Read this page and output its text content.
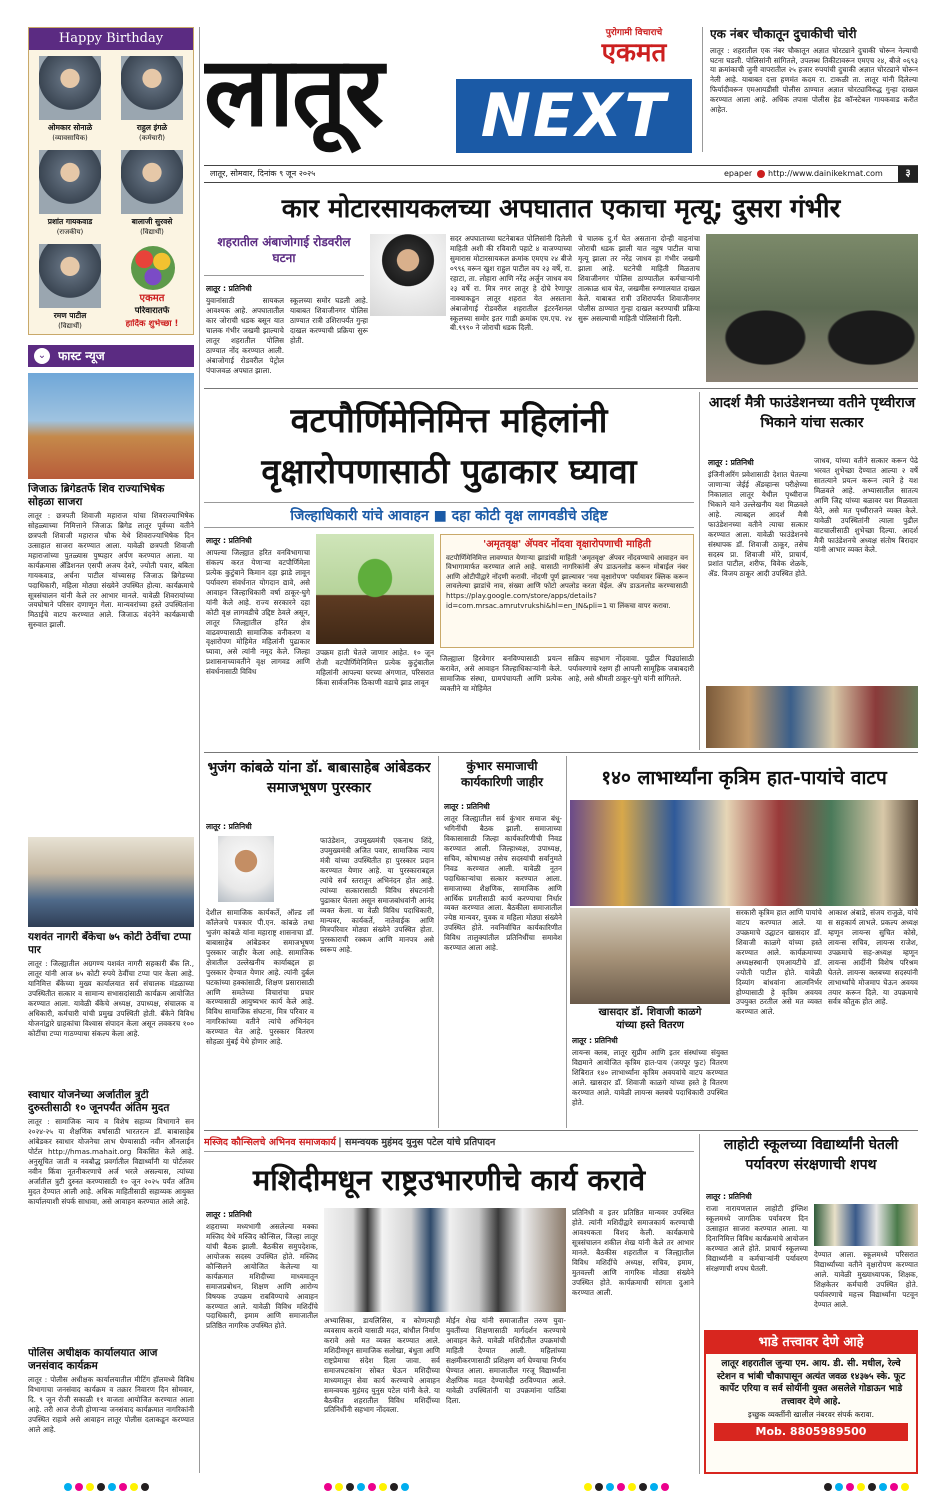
Happy Birthday
ओमकार सोनाळे
(व्यावसायिक)
राहुल इंगळे
(कर्मचारी)
प्रशांत गायकवाड
(राजकीय)
बालाजी सुरवसे
(विद्यार्थी)
रमण पाटील
(विद्यार्थी)
एकमत
परिवारातर्फे
हार्दिक शुभेच्छा !
⌄ फास्ट न्यूज
जिजाऊ ब्रिगेडतर्फे शिव राज्याभिषेक सोहळा साजरा
लातूर : छत्रपती शिवाजी महाराज यांचा शिवराज्याभिषेक सोहळ्याच्या निमित्ताने जिजाऊ ब्रिगेड लातूर पूर्वच्या वतीने छत्रपती शिवाजी महाराज चौक येथे शिवराज्याभिषेक दिन उत्साहात साजरा करण्यात आला. यावेळी छत्रपती शिवाजी महाराजांच्या पुतळ्यास पुष्पहार अर्पण करण्यात आला. या कार्यक्रमास ॲडिशनल एसपी अजय देवरे, ज्योती पवार, बबिता गायकवाड, अर्चना पाटील यांच्यासह जिजाऊ ब्रिगेडच्या पदाधिकारी, महिला मोठ्या संख्येने उपस्थित होत्या. कार्यक्रमाचे सूत्रसंचालन यांनी केले तर आभार मानले. यावेळी शिवरायांच्या जयघोषाने परिसर दणाणून गेला. मान्यवरांच्या हस्ते उपस्थितांना मिठाईचे वाटप करण्यात आले. जिजाऊ वंदनेने कार्यक्रमाची सुरुवात झाली.
यशवंत नागरी बँकेचा ७५ कोटी ठेवींचा टप्पा पार
लातूर : जिल्ह्यातील अग्रगण्य यशवंत नागरी सहकारी बँक लि., लातूर यांनी आज ७५ कोटी रुपये ठेवींचा टप्पा पार केला आहे. यानिमित्त बँकेच्या मुख्य कार्यालयात सर्व संचालक मंडळाच्या उपस्थितीत सत्कार व सामान्य सभासदांसाठी कार्यक्रम आयोजित करण्यात आला. यावेळी बँकेचे अध्यक्ष, उपाध्यक्ष, संचालक व अधिकारी, कर्मचारी यांची प्रमुख उपस्थिती होती. बँकेने विविध योजनांद्वारे ग्राहकांचा विश्वास संपादन केला असून लवकरच १०० कोटींचा टप्पा गाठण्याचा संकल्प केला आहे.
स्वाधार योजनेच्या अर्जातील त्रुटी दुरुस्तीसाठी १० जूनपर्यंत अंतिम मुदत
लातूर : सामाजिक न्याय व विशेष सहाय्य विभागाने सन २०२४-२५ या शैक्षणिक वर्षासाठी भारतरत्न डॉ. बाबासाहेब आंबेडकर स्वाधार योजनेचा लाभ घेण्यासाठी नवीन ऑनलाईन पोर्टल http://hmas.mahait.org विकसित केले आहे. अनुसूचित जाती व नवबौद्ध प्रवर्गातील विद्यार्थ्यांनी या पोर्टलवर नवीन किंवा नूतनीकरणाचे अर्ज भरले असल्यास, त्यांच्या अर्जातील त्रुटी दुरुस्त करण्यासाठी १० जून २०२५ पर्यंत अंतिम मुदत देण्यात आली आहे. अधिक माहितीसाठी सहाय्यक आयुक्त कार्यालयाशी संपर्क साधावा, असे आवाहन करण्यात आले आहे.
पोलिस अधीक्षक कार्यालयात आज जनसंवाद कार्यक्रम
लातूर : पोलीस अधीक्षक कार्यालयातील मीटिंग हॉलमध्ये विविध विभागाचा जनसंवाद कार्यक्रम व तक्रार निवारण दिन सोमवार, दि. ९ जून रोजी सकाळी ११ वाजता आयोजित करण्यात आला आहे. तरी आज रोजी होणाऱ्या जनसंवाद कार्यक्रमात नागरिकांनी उपस्थित राहावे असे आवाहन लातूर पोलीस दलाकडून करण्यात आले आहे.
लातूर
पुरोगामी विचाराचे
एकमत
NEXT
एक नंबर चौकातून दुचाकीची चोरी
लातूर : शहरातील एक नंबर चौकातून अज्ञात चोरट्याने दुचाकी चोरून नेल्याची घटना घडली. पोलिसांनी सांगितले, उपलब्ध तिकीटावरून एमएच २४, बीजे ०६९३ या क्रमांकाची जुनी वापरातील २५ हजार रुपयांची दुचाकी अज्ञात चोरट्याने चोरून नेली आहे. याबाबत दत्ता हणमंत कदम रा. टाकळी ता. लातूर यांनी दिलेल्या फिर्यादीवरून एमआयडीसी पोलीस ठाण्यात अज्ञात चोरट्याविरुद्ध गुन्हा दाखल करण्यात आला आहे. अधिक तपास पोलीस हेड कॉन्स्टेबल गायकवाड करीत आहेत.
लातूर, सोमवार, दिनांक ९ जून २०२५	epaper http://www.dainikekmat.com	३
कार मोटारसायकलच्या अपघातात एकाचा मृत्यू; दुसरा गंभीर
शहरातील अंबाजोगाई रोडवरील घटना
लातूर : प्रतिनिधी
युवानांसाठी सायकल आवश्यक आहे. अपघातातील कार जोराची धडक बसून यात चालक गंभीर जखमी झाल्याचे लातूर शहरातील पोलिस ठाण्यात नोंद करण्यात आली. अंबाजोगाई रोडवरील पेट्रोल पंपाजवळ अपघात झाला.
स्कूलच्या समोर घडली आहे. याबाबत शिवाजीनगर पोलिस ठाण्यात रात्री उशिरापर्यंत गुन्हा दाखल करण्याची प्रक्रिया सुरू होती.
सदर अपघाताच्या घटनेबाबत पोलिसांनी दिलेली माहिती अशी की रविवारी पहाटे ४ वाजण्याच्या सुमारास मोटारसायकल क्रमांक एमएच २४ बीजे ०९९६ वरून खुश राहुल पाटील वय २३ वर्षे, रा. रहाटा, ता. लोहारा आणि नरेंद्र अर्जुन जाधव वय २३ वर्षे रा. मित्र नगर लातूर हे दोघे रेणापूर नाक्याकडून लातूर शहरात येत असताना अंबाजोगाई रोडवरील शहरातील इंटरनॅशनल स्कूलच्या समोर इतर गाडी क्रमांक एम.एच. २४ बी.९९९० ने जोराची धडक दिली.
चे चालक दु.र्ग घेत असताना दोन्ही वाहनांचा जोराची धडक झाली यात नहुष पाटील याचा मृत्यू झाला तर नरेंद्र जाधव हा गंभीर जखमी झाला आहे. घटनेची माहिती मिळताच शिवाजीनगर पोलिस ठाण्यातील कर्मचाऱ्यांनी तात्काळ धाव घेत, जखमीस रुग्णालयात दाखल केले. याबाबत रात्री उशिरापर्यंत शिवाजीनगर पोलीस ठाण्यात गुन्हा दाखल करण्याची प्रक्रिया सुरू असल्याची माहिती पोलिसांनी दिली.
वटपौर्णिमेनिमित्त महिलांनी
वृक्षारोपणासाठी पुढाकार घ्यावा
जिल्हाधिकारी यांचे आवाहन ■ दहा कोटी वृक्ष लागवडीचे उद्दिष्ट
लातूर : प्रतिनिधी
आपल्या जिल्ह्यात हरित वनविभागाचा संकल्प करत येणाऱ्या वटपौर्णिमेला प्रत्येक कुटुंबाने किमान दहा झाडे लावून पर्यावरण संवर्धनात योगदान द्यावे, असे आवाहन जिल्हाधिकारी वर्षा ठाकूर-घुगे यांनी केले आहे. राज्य सरकारने दहा कोटी वृक्ष लागवडीचे उद्दिष्ट ठेवले असून, लातूर जिल्ह्यातील हरित क्षेत्र वाढवण्यासाठी सामाजिक वनीकरण व वृक्षारोपण मोहिमेत महिलांनी पुढाकार घ्यावा, असे त्यांनी नमूद केले. जिल्हा प्रशासनाच्यावतीने वृक्ष लागवड आणि संवर्धनासाठी विविध
उपक्रम हाती घेतले जाणार आहेत. १० जून रोजी वटपौर्णिमेनिमित्त प्रत्येक कुटुंबातील महिलांनी आपल्या घरच्या अंगणात, परिसरात किंवा सार्वजनिक ठिकाणी वडाचे झाड लावून
'अमृतवृक्ष' ॲपवर नोंदवा वृक्षारोपणाची माहिती
वटपौर्णिमेनिमित्त लावण्यात येणाऱ्या झाडांची माहिती 'अमृतवृक्ष' ॲपवर नोंदवण्याचे आवाहन वन विभागामार्फत करण्यात आले आहे. यासाठी नागरिकांनी ॲप डाऊनलोड करून मोबाईल नंबर आणि ओटीपीद्वारे नोंदणी करावी. नोंदणी पूर्ण झाल्यावर 'नया वृक्षारोपण' पर्यायावर क्लिक करून लावलेल्या झाडांचे नाव, संख्या आणि फोटो अपलोड करता येईल. ॲप डाऊनलोड करण्यासाठी https://play.google.com/store/apps/details?id=com.mrsac.amrutvrukshi&hl=en_IN&pli=1 या लिंकचा वापर करावा.
जिल्ह्याला हिरवेगार बनविण्यासाठी प्रयत्न करावेत, असे आवाहन जिल्हाधिकाऱ्यांनी केले. सामाजिक संस्था, ग्रामपंचायती आणि प्रत्येक व्यक्तीने या मोहिमेत
सक्रिय सहभाग नोंदवावा. पुढील पिढ्यांसाठी पर्यावरणाचे रक्षण ही आपली सामूहिक जबाबदारी आहे, असे श्रीमती ठाकूर-घुगे यांनी सांगितले.
आदर्श मैत्री फाउंडेशनच्या वतीने पृथ्वीराज भिकाने यांचा सत्कार
लातूर : प्रतिनिधी
इंजिनीअरिंग प्रवेशासाठी देशात घेतल्या जाणाऱ्या जेईई ॲडव्हान्स परीक्षेच्या निकालात लातूर येथील पृथ्वीराज भिकाने याने उल्लेखनीय यश मिळवले आहे. त्याबद्दल आदर्श मैत्री फाउंडेशनच्या वतीने त्याचा सत्कार करण्यात आला. यावेळी फाउंडेशनचे संस्थापक डॉ. शिवाजी ठाकूर, तसेच सदस्य प्रा. शिवाजी मोरे, प्राचार्य, प्रशांत पाटील, शरीफ, विवेक शेळके, ॲड. विजय ठाकूर आदी उपस्थित होते.
जाधव, यांच्या वतीने सत्कार करून पेढे भरवत शुभेच्छा देण्यात आल्या २ वर्षे सातत्याने प्रयत्न करून त्याने हे यश मिळवले आहे. अभ्यासातील सातत्य आणि जिद्द यांच्या बळावर यश मिळवता येते, असे मत पृथ्वीराजने व्यक्त केले. यावेळी उपस्थितांनी त्याला पुढील वाटचालीसाठी शुभेच्छा दिल्या. आदर्श मैत्री फाउंडेशनचे अध्यक्ष संतोष बिरादार यांनी आभार व्यक्त केले.
भुजंग कांबळे यांना डॉ. बाबासाहेब आंबेडकर समाजभूषण पुरस्कार
लातूर : प्रतिनिधी
देशील सामाजिक कार्यकर्ते, ऑल्ड लॉ कॉलेजचे पत्रकार पी.एन. कांबळे तथा भुजंग कांबळे यांना महाराष्ट्र शासनाचा डॉ. बाबासाहेब आंबेडकर समाजभूषण पुरस्कार जाहीर केला आहे. सामाजिक क्षेत्रातील उल्लेखनीय कार्याबद्दल हा पुरस्कार देण्यात येणार आहे. त्यांनी दुर्बल घटकांच्या हक्कांसाठी, शिक्षण प्रसारासाठी आणि समतेच्या विचारांचा प्रचार करण्यासाठी आयुष्यभर कार्य केले आहे. विविध सामाजिक संघटना, मित्र परिवार व नागरिकांच्या वतीने त्यांचे अभिनंदन करण्यात येत आहे. पुरस्कार वितरण सोहळा मुंबई येथे होणार आहे.
फाउंडेशन, उपमुख्यमंत्री एकनाथ शिंदे, उपमुख्यमंत्री अजित पवार, सामाजिक न्याय मंत्री यांच्या उपस्थितीत हा पुरस्कार प्रदान करण्यात येणार आहे. या पुरस्काराबद्दल त्यांचे सर्व स्तरातून अभिनंदन होत आहे. त्यांच्या सत्कारासाठी विविध संघटनांनी पुढाकार घेतला असून समाजबांधवांनी आनंद व्यक्त केला. या वेळी विविध पदाधिकारी, मान्यवर, कार्यकर्ते, नातेवाईक आणि मित्रपरिवार मोठ्या संख्येने उपस्थित होता. पुरस्काराची रक्कम आणि मानपत्र असे स्वरूप आहे.
कुंभार समाजाची कार्यकारिणी जाहीर
लातूर : प्रतिनिधी
लातूर जिल्ह्यातील सर्व कुंभार समाज बंधू-भगिनींची बैठक झाली. समाजाच्या विकासासाठी जिल्हा कार्यकारिणीची निवड करण्यात आली. जिल्हाध्यक्ष, उपाध्यक्ष, सचिव, कोषाध्यक्ष तसेच सदस्यांची सर्वानुमते निवड करण्यात आली. यावेळी नूतन पदाधिकाऱ्यांचा सत्कार करण्यात आला. समाजाच्या शैक्षणिक, सामाजिक आणि आर्थिक प्रगतीसाठी कार्य करण्याचा निर्धार व्यक्त करण्यात आला. बैठकीला समाजातील ज्येष्ठ मान्यवर, युवक व महिला मोठ्या संख्येने उपस्थित होते. नवनिर्वाचित कार्यकारिणीत विविध तालुक्यांतील प्रतिनिधींचा समावेश करण्यात आला आहे.
१४० लाभार्थ्यांना कृत्रिम हात-पायांचे वाटप
खासदार डॉ. शिवाजी काळगे
यांच्या हस्ते वितरण
लातूर : प्रतिनिधी
लायन्स क्लब, लातूर सुप्रीम आणि इतर संस्थांच्या संयुक्त विद्यमाने आयोजित कृत्रिम हात-पाय (जयपूर फुट) वितरण शिबिरात १४० लाभार्थ्यांना कृत्रिम अवयवांचे वाटप करण्यात आले. खासदार डॉ. शिवाजी काळगे यांच्या हस्ते हे वितरण करण्यात आले. यावेळी लायन्स क्लबचे पदाधिकारी उपस्थित होते.
सरकारी कृत्रिम हात आणि पायांचे वाटप करण्यात आले. या उपक्रमाचे उद्घाटन खासदार डॉ. शिवाजी काळगे यांच्या हस्ते करण्यात आले. कार्यक्रमाच्या अध्यक्षस्थानी एमआयटीचे डॉ. ज्योती पाटील होते. यावेळी दिव्यांग बांधवांना आत्मनिर्भर होण्यासाठी हे कृत्रिम अवयव उपयुक्त ठरतील असे मत व्यक्त करण्यात आले.
आकाश अंबाडे, संजय राजुळे, यांचे स सहकार्य लाभले. प्रकल्प अध्यक्ष म्हणून लायन्स सुचित कोसे, लायन्स सचिव, लायन्स राजेश, उपक्रमाचे सह-अध्यक्ष म्हणून लायन्स आदींनी विशेष परिश्रम घेतले. लायन्स क्लबच्या सदस्यांनी लाभार्थ्यांचे मोजमाप घेऊन अवयव तयार करून दिले. या उपक्रमाचे सर्वत्र कौतुक होत आहे.
मस्जिद कौन्सिलचे अभिनव समाजकार्य | समन्वयक मुहंमद युनुस पटेल यांचे प्रतिपादन
मशिदीमधून राष्ट्रउभारणीचे कार्य करावे
लातूर : प्रतिनिधी
शहराच्या मध्यभागी असलेल्या मक्का मस्जिद येथे मस्जिद कौन्सिल, जिल्हा लातूर यांची बैठक झाली. बैठकीस समुपदेशक, आयोजक सदस्य उपस्थित होते. मस्जिद कौन्सिलने आयोजित केलेल्या या कार्यक्रमात मशिदीच्या माध्यमातून समाजप्रबोधन, शिक्षण आणि आरोग्य विषयक उपक्रम राबविण्याचे आवाहन करण्यात आले. यावेळी विविध मशिदींचे पदाधिकारी, इमाम आणि समाजातील प्रतिष्ठित नागरिक उपस्थित होते.
अभ्यासिका, डायलिसिस, व कोणत्याही व्यवसाय करावे यासाठी मदत, बांधील निर्माण करावे असे मत व्यक्त करण्यात आले. मशिदीमधून सामाजिक सलोखा, बंधुता आणि राष्ट्रप्रेमाचा संदेश दिला जावा. सर्व समाजघटकांना सोबत घेऊन मशिदीच्या माध्यमातून सेवा कार्य करण्याचे आवाहन समन्वयक मुहंमद युनुस पटेल यांनी केले. या बैठकीत शहरातील विविध मशिदींच्या प्रतिनिधींनी सहभाग नोंदवला.
मोईन शेख यांनी समाजातील तरुण युवा-युवतींच्या शिक्षणासाठी मार्गदर्शन करण्याचे आवाहन केले. यावेळी मशिदीतील उपक्रमांची माहिती देण्यात आली. महिलांच्या सक्षमीकरणासाठी प्रशिक्षण वर्ग घेण्याचा निर्णय घेण्यात आला. समाजातील गरजू विद्यार्थ्यांना शैक्षणिक मदत देण्याचेही ठरविण्यात आले. यावेळी उपस्थितांनी या उपक्रमांना पाठिंबा दिला.
प्रतिनिधी व इतर प्रतिष्ठित मान्यवर उपस्थित होते. त्यांनी मशिदीद्वारे समाजकार्य करण्याची आवश्यकता विशद केली. कार्यक्रमाचे सूत्रसंचालन शकील शेख यांनी केले तर आभार मानले. बैठकीस शहरातील व जिल्ह्यातील विविध मशिदींचे अध्यक्ष, सचिव, इमाम, मुतवल्ली आणि नागरिक मोठ्या संख्येने उपस्थित होते. कार्यक्रमाची सांगता दुआने करण्यात आली.
लाहोटी स्कूलच्या विद्यार्थ्यांनी घेतली पर्यावरण संरक्षणाची शपथ
लातूर : प्रतिनिधी
राजा नारायणलाल लाहोटी इंग्लिश स्कूलमध्ये जागतिक पर्यावरण दिन उत्साहात साजरा करण्यात आला. या दिनानिमित्त विविध कार्यक्रमांचे आयोजन करण्यात आले होते. प्राचार्य स्कूलच्या विद्यार्थ्यांनी व कर्मचाऱ्यांनी पर्यावरण संरक्षणाची शपथ घेतली.
देण्यात आला. स्कूलमध्ये परिसरात विद्यार्थ्यांच्या वतीने वृक्षारोपण करण्यात आले. यावेळी मुख्याध्यापक, शिक्षक, शिक्षकेतर कर्मचारी उपस्थित होते. पर्यावरणाचे महत्त्व विद्यार्थ्यांना पटवून देण्यात आले.
भाडे तत्त्वावर देणे आहे
लातूर शहरातील जुन्या एम. आय. डी. सी. मधील, रेल्वे स्टेशन व भांबी चौकापासून अत्यंत जवळ १४३७५ स्के. फूट कार्पेट एरिया व सर्व सोयींनी युक्त असलेले गोडाऊन भाडे तत्त्वावर देणे आहे.
इच्छुक व्यक्तींनी खालील नंबरवर संपर्क करावा.
Mob. 8805989500
